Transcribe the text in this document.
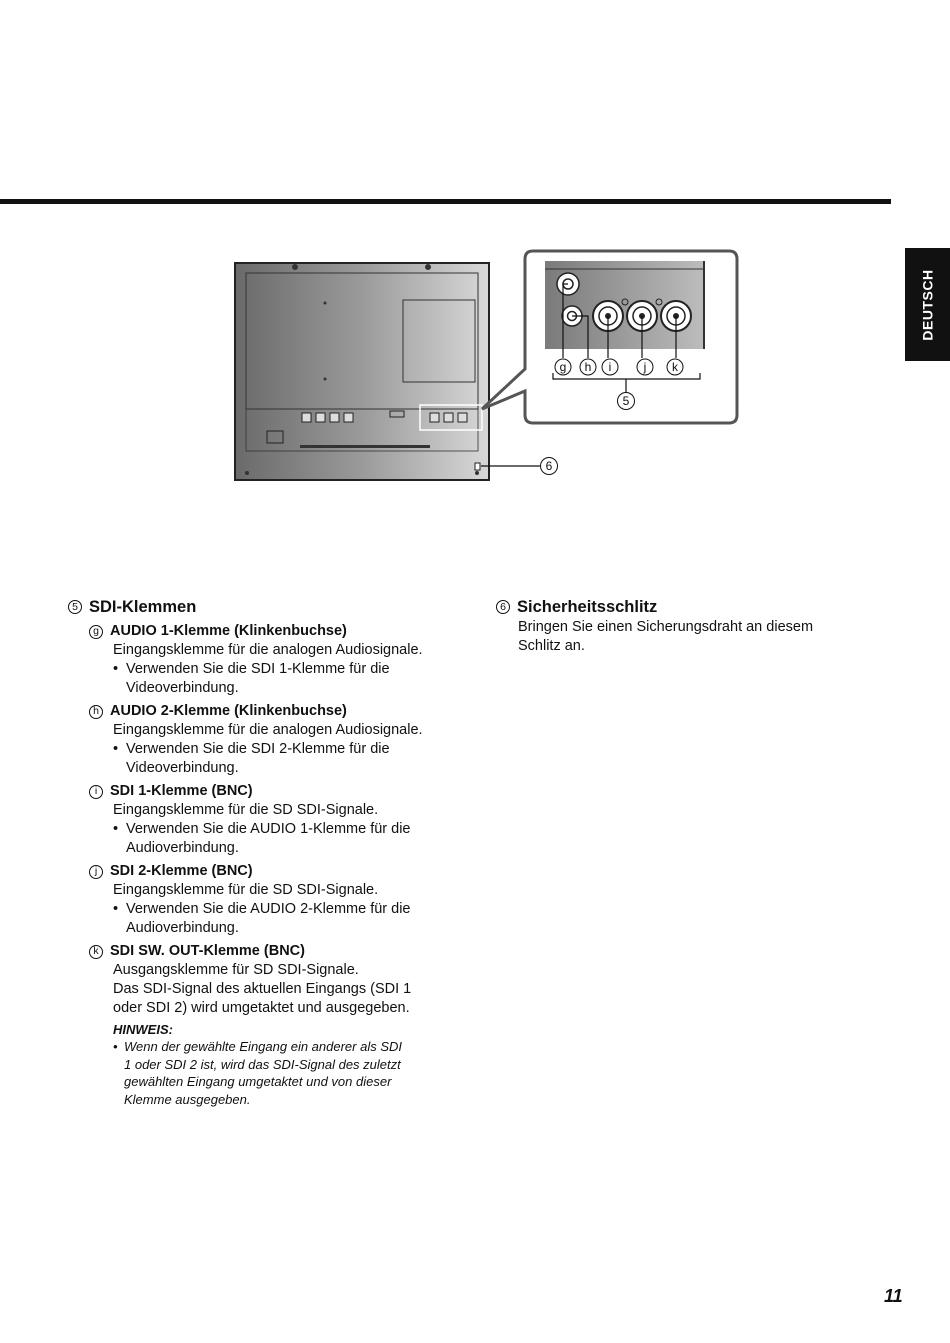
DEUTSCH
g h i	j k
5
6
5 SDI-Klemmen
g AUDIO 1-Klemme (Klinkenbuchse)
Eingangsklemme für die analogen Audiosignale.
• Verwenden Sie die SDI 1-Klemme für die
Videoverbindung.
h AUDIO 2-Klemme (Klinkenbuchse)
Eingangsklemme für die analogen Audiosignale.
• Verwenden Sie die SDI 2-Klemme für die
Videoverbindung.
i SDI 1-Klemme (BNC)
Eingangsklemme für die SD SDI-Signale.
• Verwenden Sie die AUDIO 1-Klemme für die
Audioverbindung.
j SDI 2-Klemme (BNC)
Eingangsklemme für die SD SDI-Signale.
• Verwenden Sie die AUDIO 2-Klemme für die
Audioverbindung.
k SDI SW. OUT-Klemme (BNC)
Ausgangsklemme für SD SDI-Signale.
Das SDI-Signal des aktuellen Eingangs (SDI 1
oder SDI 2) wird umgetaktet und ausgegeben.
HINWEIS:
• Wenn der gewählte Eingang ein anderer als SDI
1 oder SDI 2 ist, wird das SDI-Signal des zuletzt
gewählten Eingang umgetaktet und von dieser
Klemme ausgegeben.
6 Sicherheitsschlitz
Bringen Sie einen Sicherungsdraht an diesem
Schlitz an.
11
